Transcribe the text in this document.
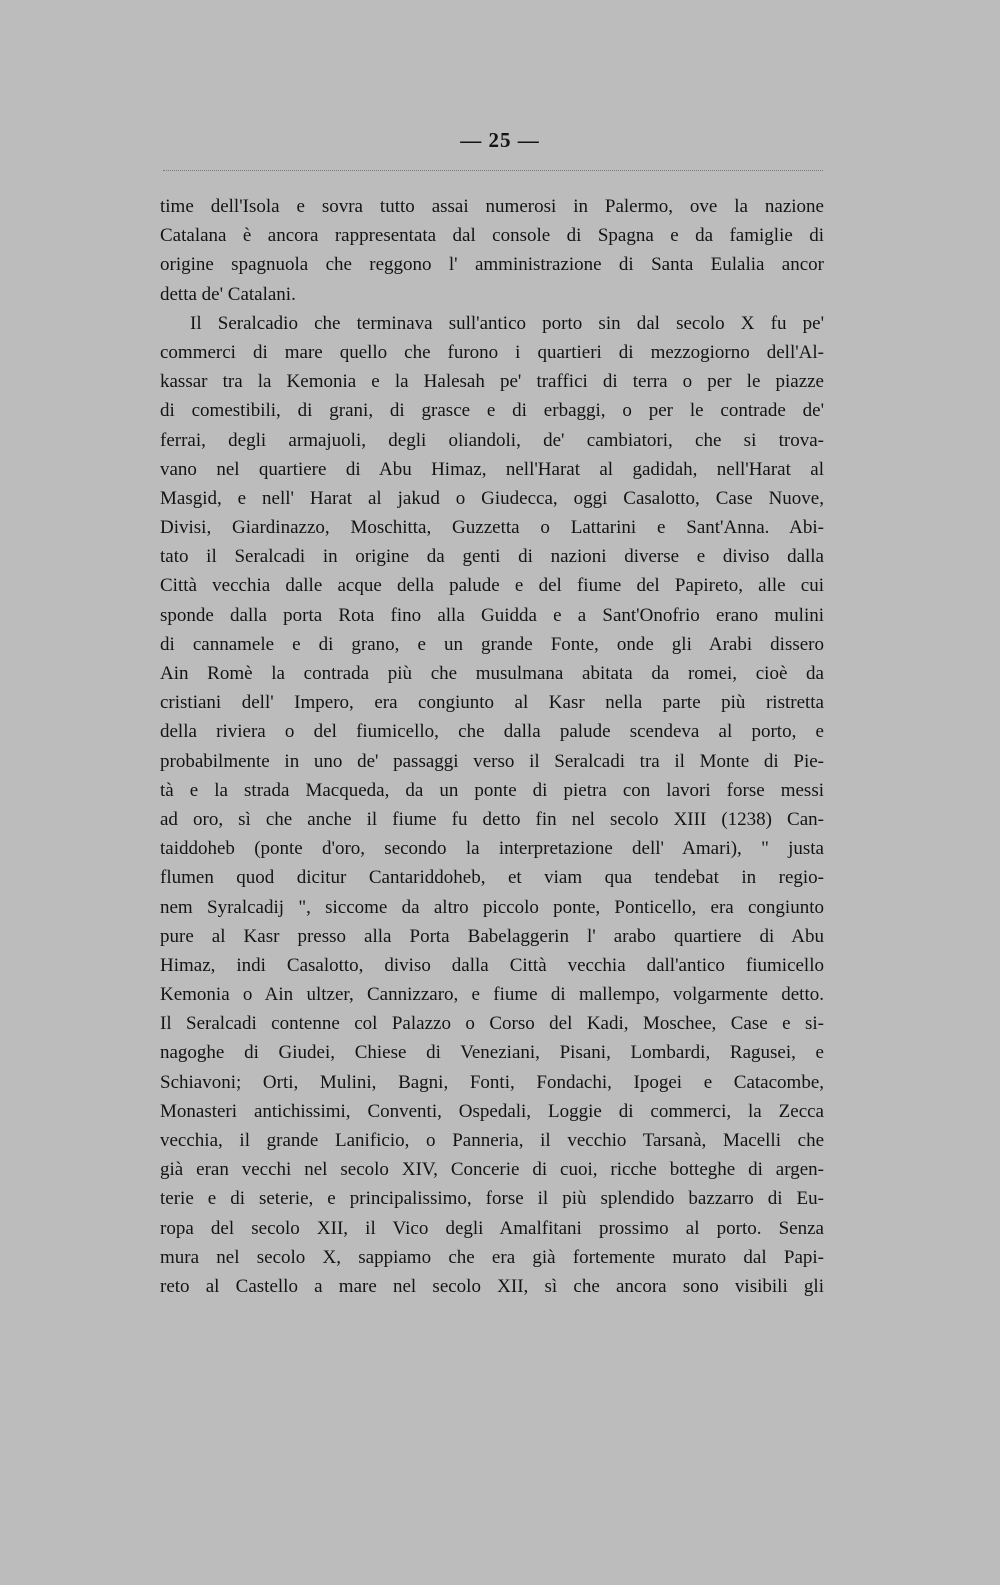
— 25 —
time dell'Isola e sovra tutto assai numerosi in Palermo, ove la nazione
Catalana è ancora rappresentata dal console di Spagna e da famiglie di
origine spagnuola che reggono l' amministrazione di Santa Eulalia ancor
detta de' Catalani.
Il Seralcadio che terminava sull'antico porto sin dal secolo X fu pe'
commerci di mare quello che furono i quartieri di mezzogiorno dell'Al-
kassar tra la Kemonia e la Halesah pe' traffici di terra o per le piazze
di comestibili, di grani, di grasce e di erbaggi, o per le contrade de'
ferrai, degli armajuoli, degli oliandoli, de' cambiatori, che si trova-
vano nel quartiere di Abu Himaz, nell'Harat al gadidah, nell'Harat al
Masgid, e nell' Harat al jakud o Giudecca, oggi Casalotto, Case Nuove,
Divisi, Giardinazzo, Moschitta, Guzzetta o Lattarini e Sant'Anna. Abi-
tato il Seralcadi in origine da genti di nazioni diverse e diviso dalla
Città vecchia dalle acque della palude e del fiume del Papireto, alle cui
sponde dalla porta Rota fino alla Guidda e a Sant'Onofrio erano mulini
di cannamele e di grano, e un grande Fonte, onde gli Arabi dissero
Ain Romè la contrada più che musulmana abitata da romei, cioè da
cristiani dell' Impero, era congiunto al Kasr nella parte più ristretta
della riviera o del fiumicello, che dalla palude scendeva al porto, e
probabilmente in uno de' passaggi verso il Seralcadi tra il Monte di Pie-
tà e la strada Macqueda, da un ponte di pietra con lavori forse messi
ad oro, sì che anche il fiume fu detto fin nel secolo XIII (1238) Can-
taiddoheb (ponte d'oro, secondo la interpretazione dell' Amari), " justa
flumen quod dicitur Cantariddoheb, et viam qua tendebat in regio-
nem Syralcadij ", siccome da altro piccolo ponte, Ponticello, era congiunto
pure al Kasr presso alla Porta Babelaggerin l' arabo quartiere di Abu
Himaz, indi Casalotto, diviso dalla Città vecchia dall'antico fiumicello
Kemonia o Ain ultzer, Cannizzaro, e fiume di mallempo, volgarmente detto.
Il Seralcadi contenne col Palazzo o Corso del Kadi, Moschee, Case e si-
nagoghe di Giudei, Chiese di Veneziani, Pisani, Lombardi, Ragusei, e
Schiavoni; Orti, Mulini, Bagni, Fonti, Fondachi, Ipogei e Catacombe,
Monasteri antichissimi, Conventi, Ospedali, Loggie di commerci, la Zecca
vecchia, il grande Lanificio, o Panneria, il vecchio Tarsanà, Macelli che
già eran vecchi nel secolo XIV, Concerie di cuoi, ricche botteghe di argen-
terie e di seterie, e principalissimo, forse il più splendido bazzarro di Eu-
ropa del secolo XII, il Vico degli Amalfitani prossimo al porto. Senza
mura nel secolo X, sappiamo che era già fortemente murato dal Papi-
reto al Castello a mare nel secolo XII, sì che ancora sono visibili gli
